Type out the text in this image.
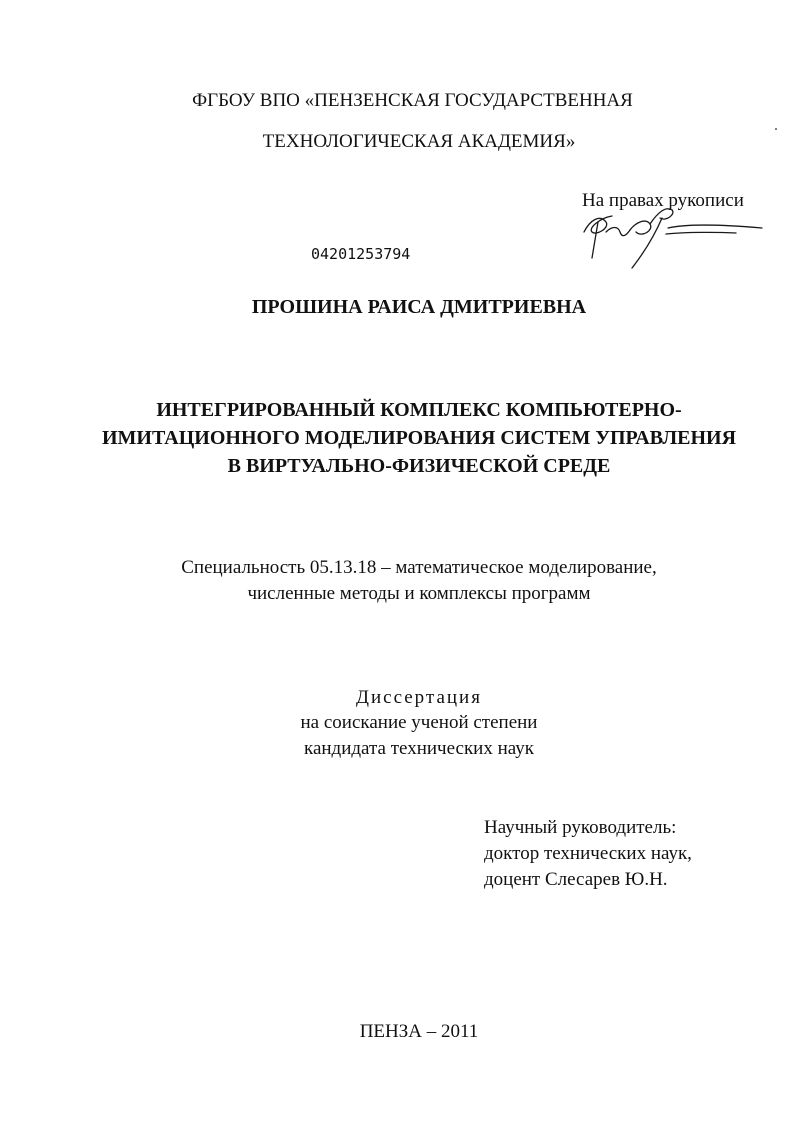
ФГБОУ ВПО «ПЕНЗЕНСКАЯ ГОСУДАРСТВЕННАЯ
ТЕХНОЛОГИЧЕСКАЯ АКАДЕМИЯ»
На правах рукописи
04201253794
ПРОШИНА РАИСА ДМИТРИЕВНА
ИНТЕГРИРОВАННЫЙ КОМПЛЕКС КОМПЬЮТЕРНО-
ИМИТАЦИОННОГО МОДЕЛИРОВАНИЯ СИСТЕМ УПРАВЛЕНИЯ
В ВИРТУАЛЬНО-ФИЗИЧЕСКОЙ СРЕДЕ
Специальность 05.13.18 – математическое моделирование,
численные методы и комплексы программ
Диссертация
на соискание ученой степени
кандидата технических наук
Научный руководитель:
доктор технических наук,
доцент Слесарев Ю.Н.
ПЕНЗА – 2011
